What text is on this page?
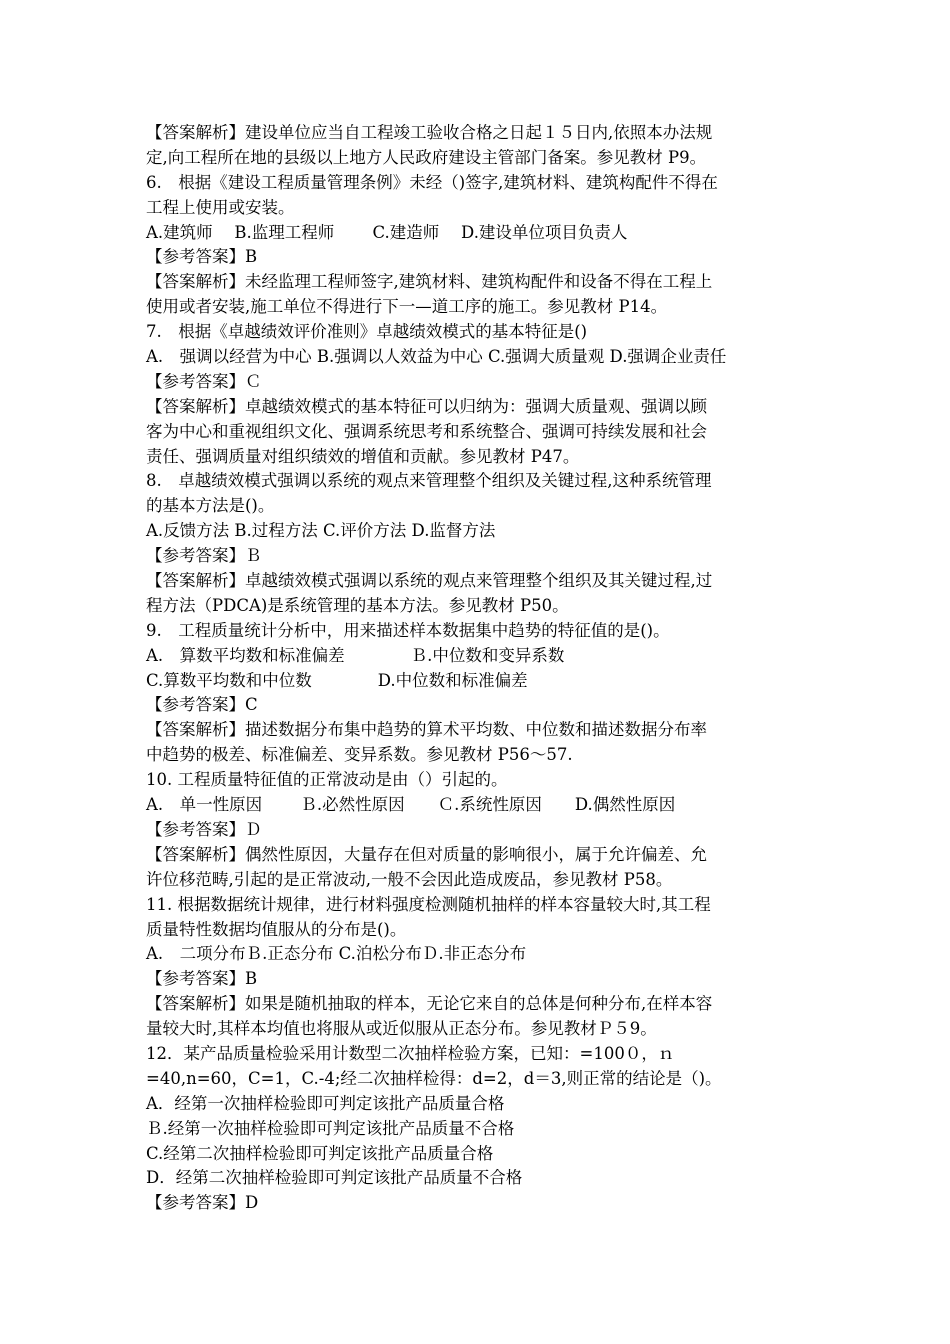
【答案解析】建设单位应当自工程竣工验收合格之日起１５日内,依照本办法规
定,向工程所在地的县级以上地方人民政府建设主管部门备案。参见教材 P9。
6.　根据《建设工程质量管理条例》未经（)签字,建筑材料、建筑构配件不得在
工程上使用或安装。
A.建筑师　 B.监理工程师　　 C.建造师　 D.建设单位项目负责人
【参考答案】B
【答案解析】未经监理工程师签字,建筑材料、建筑构配件和设备不得在工程上
使用或者安装,施工单位不得进行下一—道工序的施工。参见教材 P14。
7.　根据《卓越绩效评价准则》卓越绩效模式的基本特征是()
A.　强调以经营为中心 B.强调以人效益为中心 C.强调大质量观 D.强调企业责任
【参考答案】Ｃ
【答案解析】卓越绩效模式的基本特征可以归纳为：强调大质量观、强调以顾
客为中心和重视组织文化、强调系统思考和系统整合、强调可持续发展和社会
责任、强调质量对组织绩效的增值和贡献。参见教材 P47。
8.　卓越绩效模式强调以系统的观点来管理整个组织及关键过程,这种系统管理
的基本方法是()。
A.反馈方法 B.过程方法 C.评价方法 D.监督方法
【参考答案】Ｂ
【答案解析】卓越绩效模式强调以系统的观点来管理整个组织及其关键过程,过
程方法（PDCA)是系统管理的基本方法。参见教材 P50。
9.　工程质量统计分析中，用来描述样本数据集中趋势的特征值的是()。
A.　算数平均数和标准偏差　　　　Ｂ.中位数和变异系数
C.算数平均数和中位数　　　　D.中位数和标准偏差
【参考答案】C
【答案解析】描述数据分布集中趋势的算术平均数、中位数和描述数据分布率
中趋势的极差、标准偏差、变异系数。参见教材 P56～57.
10. 工程质量特征值的正常波动是由（）引起的。
A.　单一性原因　　 Ｂ.必然性原因　　Ｃ.系统性原因　　D.偶然性原因
【参考答案】Ｄ
【答案解析】偶然性原因，大量存在但对质量的影响很小，属于允许偏差、允
许位移范畴,引起的是正常波动,一般不会因此造成废品，参见教材 P58。
11. 根据数据统计规律，进行材料强度检测随机抽样的样本容量较大时,其工程
质量特性数据均值服从的分布是()。
A.　二项分布Ｂ.正态分布 C.泊松分布Ｄ.非正态分布
【参考答案】B
【答案解析】如果是随机抽取的样本，无论它来自的总体是何种分布,在样本容
量较大时,其样本均值也将服从或近似服从正态分布。参见教材Ｐ５9。
12．某产品质量检验采用计数型二次抽样检验方案，已知：=100０，ｎ
=40,n=60，C=1，C.-4;经二次抽样检得：d=2，d＝3,则正常的结论是（)。
A．经第一次抽样检验即可判定该批产品质量合格
Ｂ.经第一次抽样检验即可判定该批产品质量不合格
C.经第二次抽样检验即可判定该批产品质量合格
D．经第二次抽样检验即可判定该批产品质量不合格
【参考答案】D
